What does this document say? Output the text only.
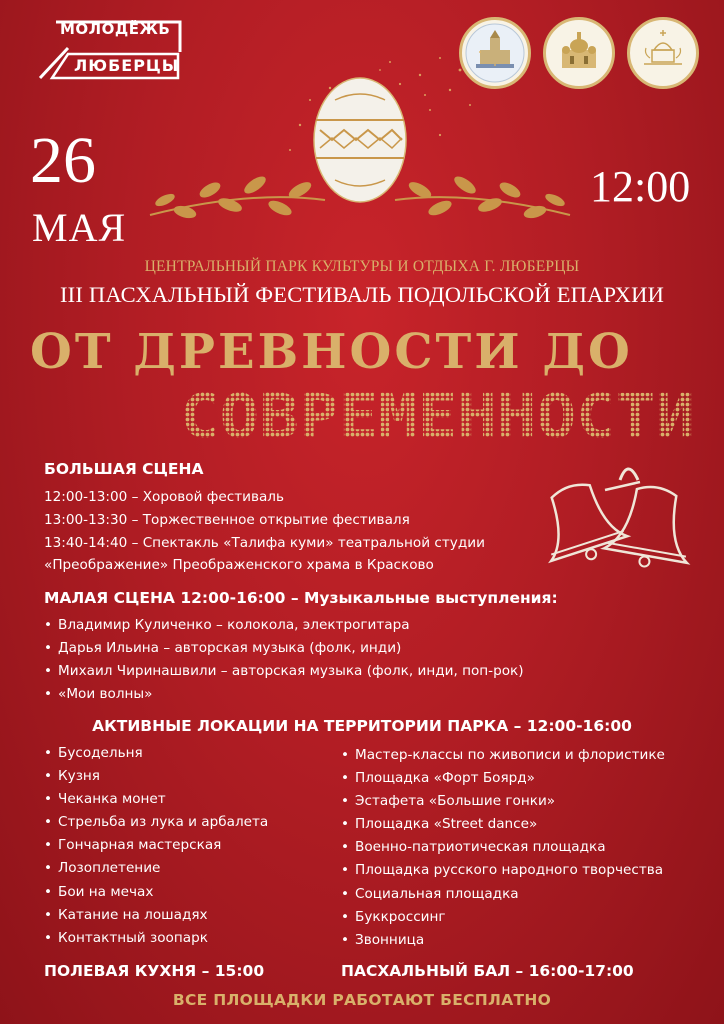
МОЛОДЁЖЬ
ЛЮБЕРЦЫ
26
МАЯ
12:00
ЦЕНТРАЛЬНЫЙ ПАРК КУЛЬТУРЫ И ОТДЫХА Г. ЛЮБЕРЦЫ
III ПАСХАЛЬНЫЙ ФЕСТИВАЛЬ ПОДОЛЬСКОЙ ЕПАРХИИ
ОТ ДРЕВНОСТИ ДО
СОВРЕМЕННОСТИ
БОЛЬШАЯ СЦЕНА
12:00-13:00 – Хоровой фестиваль
13:00-13:30 – Торжественное открытие фестиваля
13:40-14:40 – Спектакль «Талифа куми» театральной студии
«Преображение» Преображенского храма в Красково
МАЛАЯ СЦЕНА 12:00-16:00 – Музыкальные выступления:
• Владимир Куличенко – колокола, электрогитара
• Дарья Ильина – авторская музыка (фолк, инди)
• Михаил Чиринашвили – авторская музыка (фолк, инди, поп-рок)
• «Мои волны»
АКТИВНЫЕ ЛОКАЦИИ НА ТЕРРИТОРИИ ПАРКА – 12:00-16:00
• Бусодельня
• Кузня
• Чеканка монет
• Стрельба из лука и арбалета
• Гончарная мастерская
• Лозоплетение
• Бои на мечах
• Катание на лошадях
• Контактный зоопарк
• Мастер-классы по живописи и флористике
• Площадка «Форт Боярд»
• Эстафета «Большие гонки»
• Площадка «Street dance»
• Военно-патриотическая площадка
• Площадка русского народного творчества
• Социальная площадка
• Буккроссинг
• Звонница
ПОЛЕВАЯ КУХНЯ – 15:00	ПАСХАЛЬНЫЙ БАЛ – 16:00-17:00
ВСЕ ПЛОЩАДКИ РАБОТАЮТ БЕСПЛАТНО
